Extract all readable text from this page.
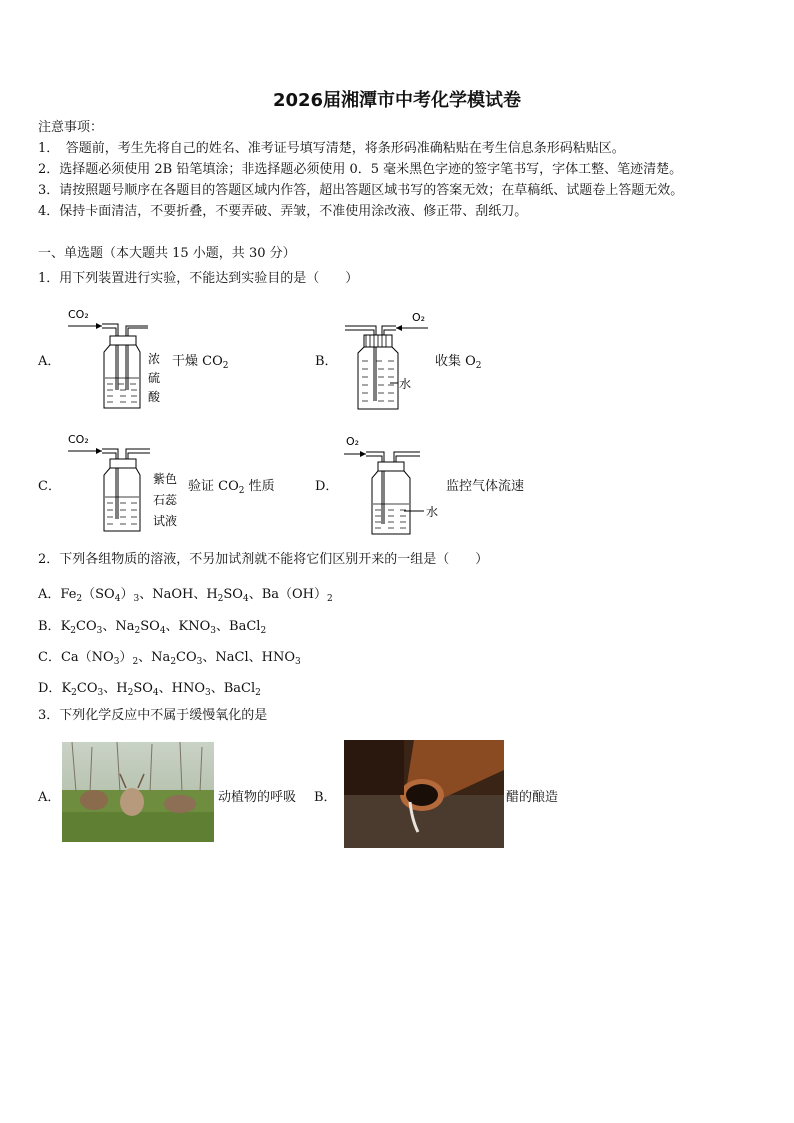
2026届湘潭市中考化学模试卷
注意事项：
1．　答题前，考生先将自己的姓名、准考证号填写清楚，将条形码准确粘贴在考生信息条形码粘贴区。
2．选择题必须使用 2B 铅笔填涂；非选择题必须使用 0．5 毫米黑色字迹的签字笔书写，字体工整、笔迹清楚。
3．请按照题号顺序在各题目的答题区域内作答，超出答题区域书写的答案无效；在草稿纸、试题卷上答题无效。
4．保持卡面清洁，不要折叠，不要弄破、弄皱，不准使用涂改液、修正带、刮纸刀。
一、单选题（本大题共 15 小题，共 30 分）
1．用下列装置进行实验，不能达到实验目的是（　　）
A．
CO₂
浓
硫
酸
干燥 $CO_2$	B．
O₂
水
收集 $O_2$
C．
CO₂
紫色
石蕊
试液
验证 $CO_2$ 性质	D．
O₂
水
监控气体流速
2．下列各组物质的溶液，不另加试剂就不能将它们区别开来的一组是（　　）
A．$Fe_2(SO_4)_3$、NaOH、$H_2SO_4$、$Ba(OH)_2$
B．$K_2CO_3$、$Na_2SO_4$、$KNO_3$、BaCl$_2$
C．$Ca(NO_3)_2$、$Na_2CO_3$、NaCl、$HNO_3$
D．$K_2CO_3$、$H_2SO_4$、$HNO_3$、BaCl$_2$
3．下列化学反应中不属于缓慢氧化的是
A．	动植物的呼吸 B．	醋的酿造
